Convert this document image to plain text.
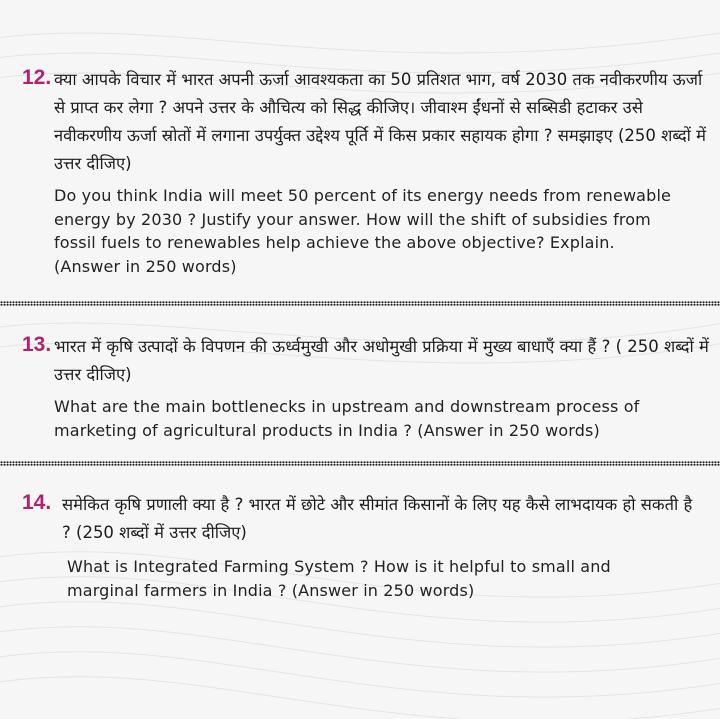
12. क्या आपके विचार में भारत अपनी ऊर्जा आवश्यकता का 50 प्रतिशत भाग, वर्ष 2030 तक नवीकरणीय ऊर्जा से प्राप्त कर लेगा ? अपने उत्तर के औचित्य को सिद्ध कीजिए। जीवाश्म ईंधनों से सब्सिडी हटाकर उसे नवीकरणीय ऊर्जा स्रोतों में लगाना उपर्युक्त उद्देश्य पूर्ति में किस प्रकार सहायक होगा ? समझाइए (250 शब्दों में उत्तर दीजिए)

Do you think India will meet 50 percent of its energy needs from renewable energy by 2030 ? Justify your answer. How will the shift of subsidies from fossil fuels to renewables help achieve the above objective? Explain. (Answer in 250 words)

13. भारत में कृषि उत्पादों के विपणन की ऊर्ध्वमुखी और अधोमुखी प्रक्रिया में मुख्य बाधाएँ क्या हैं ? ( 250 शब्दों में उत्तर दीजिए)

What are the main bottlenecks in upstream and downstream process of marketing of agricultural products in India ? (Answer in 250 words)

14. समेकित कृषि प्रणाली क्या है ? भारत में छोटे और सीमांत किसानों के लिए यह कैसे लाभदायक हो सकती है ? (250 शब्दों में उत्तर दीजिए)

What is Integrated Farming System ? How is it helpful to small and marginal farmers in India ? (Answer in 250 words)
